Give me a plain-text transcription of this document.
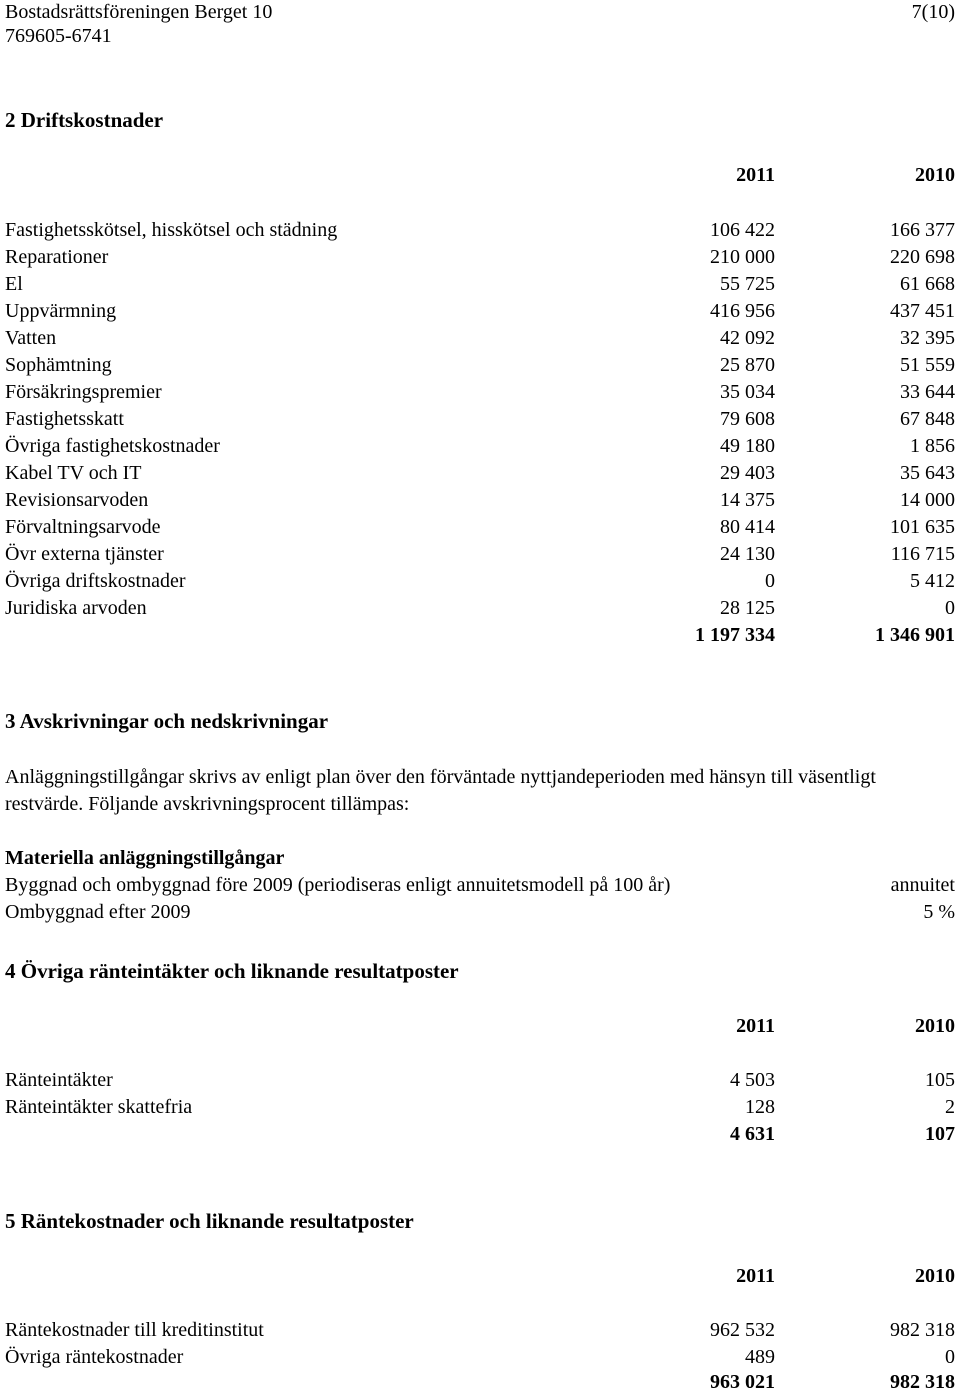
Bostadsrättsföreningen Berget 10	7(10)
769605-6741
2 Driftskostnader
2011	2010
Fastighetsskötsel, hisskötsel och städning	106 422	166 377
Reparationer	210 000	220 698
El	55 725	61 668
Uppvärmning	416 956	437 451
Vatten	42 092	32 395
Sophämtning	25 870	51 559
Försäkringspremier	35 034	33 644
Fastighetsskatt	79 608	67 848
Övriga fastighetskostnader	49 180	1 856
Kabel TV och IT	29 403	35 643
Revisionsarvoden	14 375	14 000
Förvaltningsarvode	80 414	101 635
Övr externa tjänster	24 130	116 715
Övriga driftskostnader	0	5 412
Juridiska arvoden	28 125	0
1 197 334	1 346 901
3 Avskrivningar och nedskrivningar
Anläggningstillgångar skrivs av enligt plan över den förväntade nyttjandeperioden med hänsyn till väsentligt restvärde. Följande avskrivningsprocent tillämpas:
Materiella anläggningstillgångar
Byggnad och ombyggnad före 2009 (periodiseras enligt annuitetsmodell på 100 år)	annuitet
Ombyggnad efter 2009	5 %
4 Övriga ränteintäkter och liknande resultatposter
2011	2010
Ränteintäkter	4 503	105
Ränteintäkter skattefria	128	2
4 631	107
5 Räntekostnader och liknande resultatposter
2011	2010
Räntekostnader till kreditinstitut	962 532	982 318
Övriga räntekostnader	489	0
963 021	982 318
